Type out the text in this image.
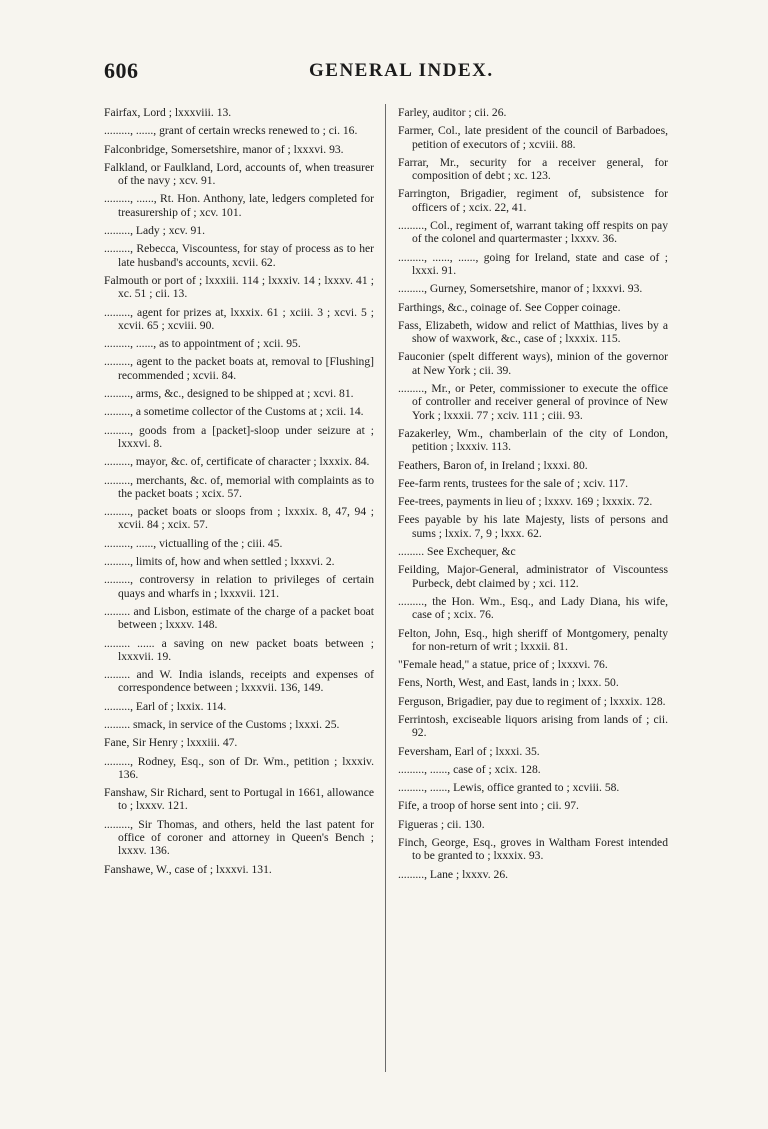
606	GENERAL INDEX.

Fairfax, Lord ; lxxxviii. 13.

........., ......, grant of certain wrecks renewed to ; ci. 16.

Falconbridge, Somersetshire, manor of ; lxxxvi. 93.

Falkland, or Faulkland, Lord, accounts of, when treasurer of the navy ; xcv. 91.

........., ......, Rt. Hon. Anthony, late, ledgers completed for treasurership of ; xcv. 101.

........., Lady ; xcv. 91.

........., Rebecca, Viscountess, for stay of process as to her late husband's accounts, xcvii. 62.

Falmouth or port of ; lxxxiii. 114 ; lxxxiv. 14 ; lxxxv. 41 ; xc. 51 ; cii. 13.

........., agent for prizes at, lxxxix. 61 ; xciii. 3 ; xcvi. 5 ; xcvii. 65 ; xcviii. 90.

........., ......, as to appointment of ; xcii. 95.

........., agent to the packet boats at, removal to [Flushing] recommended ; xcvii. 84.

........., arms, &c., designed to be shipped at ; xcvi. 81.

........., a sometime collector of the Customs at ; xcii. 14.

........., goods from a [packet]-sloop under seizure at ; lxxxvi. 8.

........., mayor, &c. of, certificate of character ; lxxxix. 84.

........., merchants, &c. of, memorial with complaints as to the packet boats ; xcix. 57.

........., packet boats or sloops from ; lxxxix. 8, 47, 94 ; xcvii. 84 ; xcix. 57.

........., ......, victualling of the ; ciii. 45.

........., limits of, how and when settled ; lxxxvi. 2.

........., controversy in relation to privileges of certain quays and wharfs in ; lxxxvii. 121.

......... and Lisbon, estimate of the charge of a packet boat between ; lxxxv. 148.

......... ...... a saving on new packet boats between ; lxxxvii. 19.

......... and W. India islands, receipts and expenses of correspondence between ; lxxxvii. 136, 149.

........., Earl of ; lxxix. 114.

......... smack, in service of the Customs ; lxxxi. 25.

Fane, Sir Henry ; lxxxiii. 47.

........., Rodney, Esq., son of Dr. Wm., petition ; lxxxiv. 136.

Fanshaw, Sir Richard, sent to Portugal in 1661, allowance to ; lxxxv. 121.

........., Sir Thomas, and others, held the last patent for office of coroner and attorney in Queen's Bench ; lxxxv. 136.

Fanshawe, W., case of ; lxxxvi. 131.

Farley, auditor ; cii. 26.

Farmer, Col., late president of the council of Barbadoes, petition of executors of ; xcviii. 88.

Farrar, Mr., security for a receiver general, for composition of debt ; xc. 123.

Farrington, Brigadier, regiment of, subsistence for officers of ; xcix. 22, 41.

........., Col., regiment of, warrant taking off respits on pay of the colonel and quartermaster ; lxxxv. 36.

........., ......, ......, going for Ireland, state and case of ; lxxxi. 91.

........., Gurney, Somersetshire, manor of ; lxxxvi. 93.

Farthings, &c., coinage of. See Copper coinage.

Fass, Elizabeth, widow and relict of Matthias, lives by a show of waxwork, &c., case of ; lxxxix. 115.

Fauconier (spelt different ways), minion of the governor at New York ; cii. 39.

........., Mr., or Peter, commissioner to execute the office of controller and receiver general of province of New York ; lxxxii. 77 ; xciv. 111 ; ciii. 93.

Fazakerley, Wm., chamberlain of the city of London, petition ; lxxxiv. 113.

Feathers, Baron of, in Ireland ; lxxxi. 80.

Fee-farm rents, trustees for the sale of ; xciv. 117.

Fee-trees, payments in lieu of ; lxxxv. 169 ; lxxxix. 72.

Fees payable by his late Majesty, lists of persons and sums ; lxxix. 7, 9 ; lxxx. 62.

......... See Exchequer, &c

Feilding, Major-General, administrator of Viscountess Purbeck, debt claimed by ; xci. 112.

........., the Hon. Wm., Esq., and Lady Diana, his wife, case of ; xcix. 76.

Felton, John, Esq., high sheriff of Montgomery, penalty for non-return of writ ; lxxxii. 81.

"Female head," a statue, price of ; lxxxvi. 76.

Fens, North, West, and East, lands in ; lxxx. 50.

Ferguson, Brigadier, pay due to regiment of ; lxxxix. 128.

Ferrintosh, exciseable liquors arising from lands of ; cii. 92.

Feversham, Earl of ; lxxxi. 35.

........., ......, case of ; xcix. 128.

........., ......, Lewis, office granted to ; xcviii. 58.

Fife, a troop of horse sent into ; cii. 97.

Figueras ; cii. 130.

Finch, George, Esq., groves in Waltham Forest intended to be granted to ; lxxxix. 93.

........., Lane ; lxxxv. 26.
